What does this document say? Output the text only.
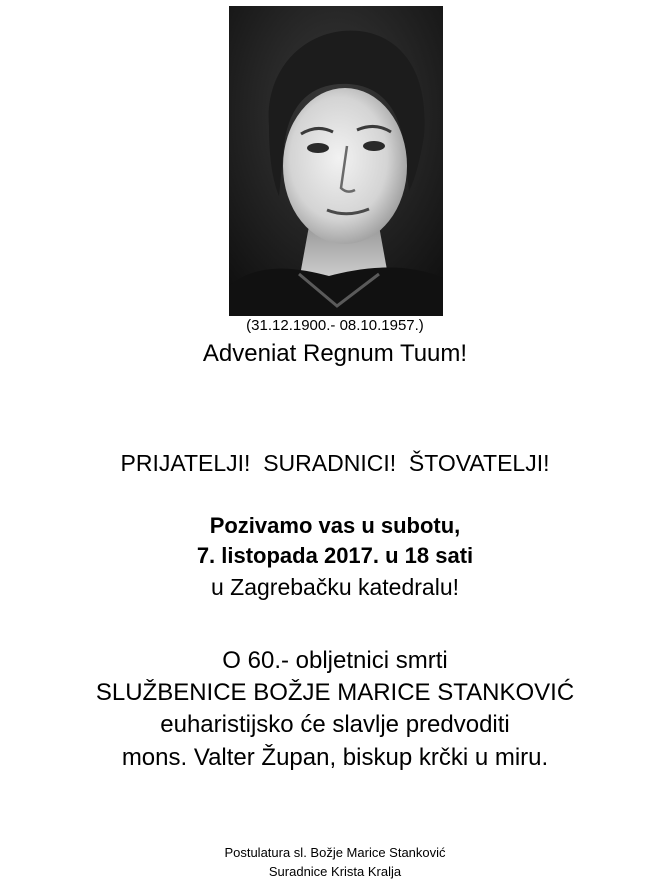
(31.12.1900.- 08.10.1957.)
Adveniat Regnum Tuum!
PRIJATELJI!  SURADNICI!  ŠTOVATELJI!
Pozivamo vas u subotu,
7. listopada 2017. u 18 sati
u Zagrebačku katedralu!
O 60.- obljetnici smrti
SLUŽBENICE BOŽJE MARICE STANKOVIĆ
euharistijsko će slavlje predvoditi
mons. Valter Župan, biskup krčki u miru.
Postulatura sl. Božje Marice Stanković
Suradnice Krista Kralja
